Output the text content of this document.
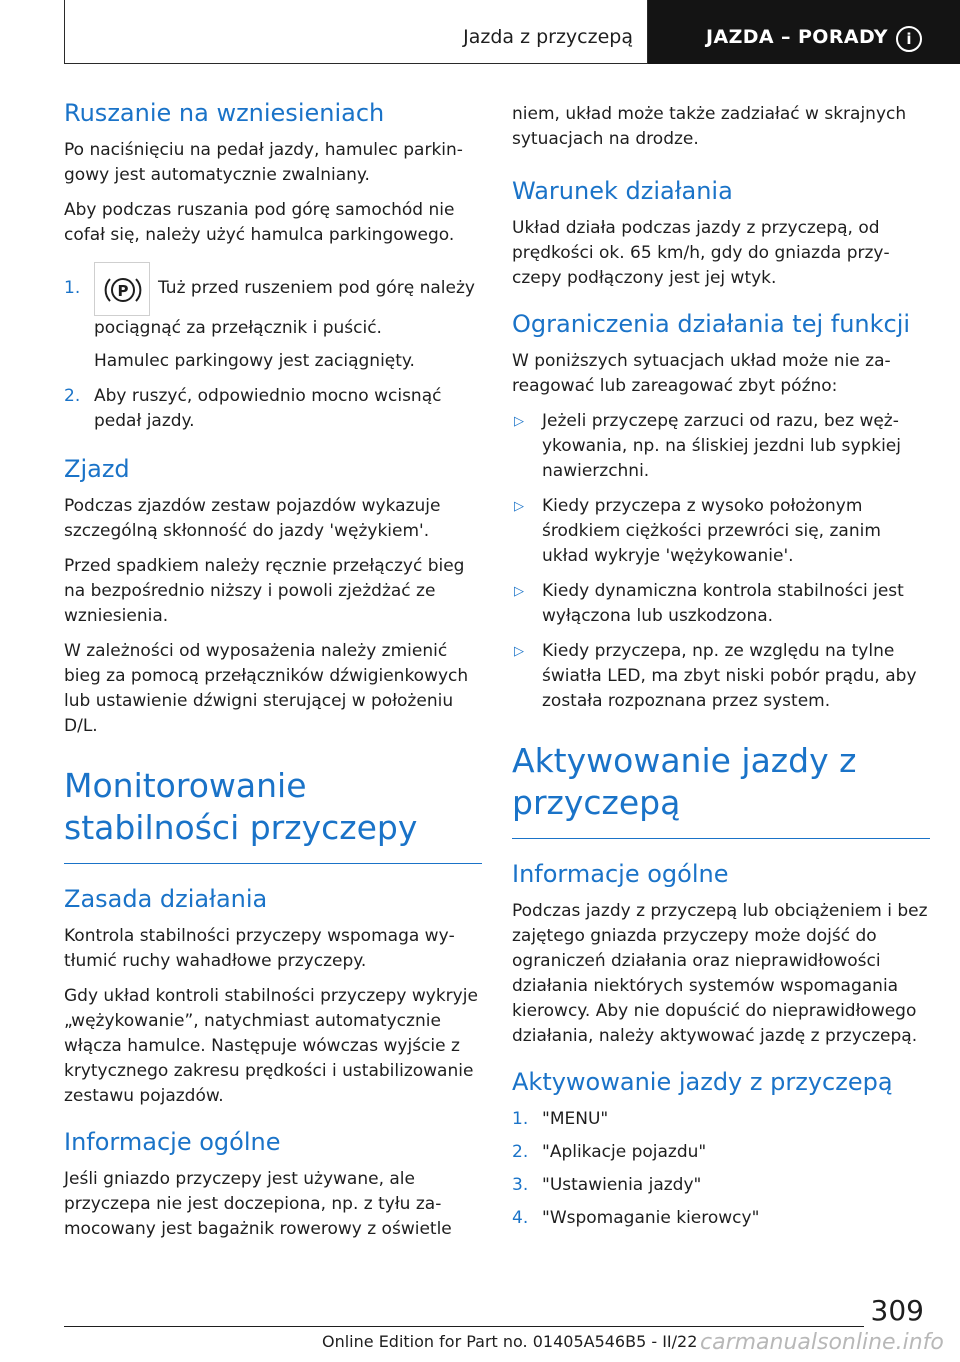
Jazda z przyczepą	JAZDA – PORADY	i
Ruszanie na wzniesieniach

Po naciśnięciu na pedał jazdy, hamulec parkingowy jest automatycznie zwalniany.

Aby podczas ruszania pod górę samochód nie cofał się, należy użyć hamulca parkingowego.

1. P Tuż przed ruszeniem pod górę należy pociągnąć za przełącznik i puścić.

Hamulec parkingowy jest zaciągnięty.

2. Aby ruszyć, odpowiednio mocno wcisnąć pedał jazdy.
Zjazd

Podczas zjazdów zestaw pojazdów wykazuje szczególną skłonność do jazdy 'wężykiem'.

Przed spadkiem należy ręcznie przełączyć bieg na bezpośrednio niższy i powoli zjeżdżać ze wzniesienia.

W zależności od wyposażenia należy zmienić bieg za pomocą przełączników dźwigienkowych lub ustawienie dźwigni sterującej w położeniu D/L.

Monitorowanie stabilności przyczepy
Zasada działania

Kontrola stabilności przyczepy wspomaga wytłumić ruchy wahadłowe przyczepy.

Gdy układ kontroli stabilności przyczepy wykryje „wężykowanie”, natychmiast automatycznie włącza hamulce. Następuje wówczas wyjście z krytycznego zakresu prędkości i ustabilizowanie zestawu pojazdów.

Informacje ogólne

Jeśli gniazdo przyczepy jest używane, ale przyczepa nie jest doczepiona, np. z tyłu zamocowany jest bagażnik rowerowy z oświetle

niem, układ może także zadziałać w skrajnych sytuacjach na drodze.

Warunek działania

Układ działa podczas jazdy z przyczepą, od prędkości ok. 65 km/h, gdy do gniazda przyczepy podłączony jest jej wtyk.

Ograniczenia działania tej funkcji

W poniższych sytuacjach układ może nie zareagować lub zareagować zbyt późno:

▷ Jeżeli przyczepę zarzuci od razu, bez wężykowania, np. na śliskiej jezdni lub sypkiej nawierzchni.
▷ Kiedy przyczepa z wysoko położonym środkiem ciężkości przewróci się, zanim układ wykryje 'wężykowanie'.
▷ Kiedy dynamiczna kontrola stabilności jest wyłączona lub uszkodzona.
▷ Kiedy przyczepa, np. ze względu na tylne światła LED, ma zbyt niski pobór prądu, aby została rozpoznana przez system.
Aktywowanie jazdy z przyczepą
Informacje ogólne

Podczas jazdy z przyczepą lub obciążeniem i bez zajętego gniazda przyczepy może dojść do ograniczeń działania oraz nieprawidłowości działania niektórych systemów wspomagania kierowcy. Aby nie dopuścić do nieprawidłowego działania, należy aktywować jazdę z przyczepą.

Aktywowanie jazdy z przyczepą
1. "MENU"
2. "Aplikacje pojazdu"
3. "Ustawienia jazdy"
4. "Wspomaganie kierowcy"
309
Online Edition for Part no. 01405A546B5 - II/22 carmanualsonline.info
